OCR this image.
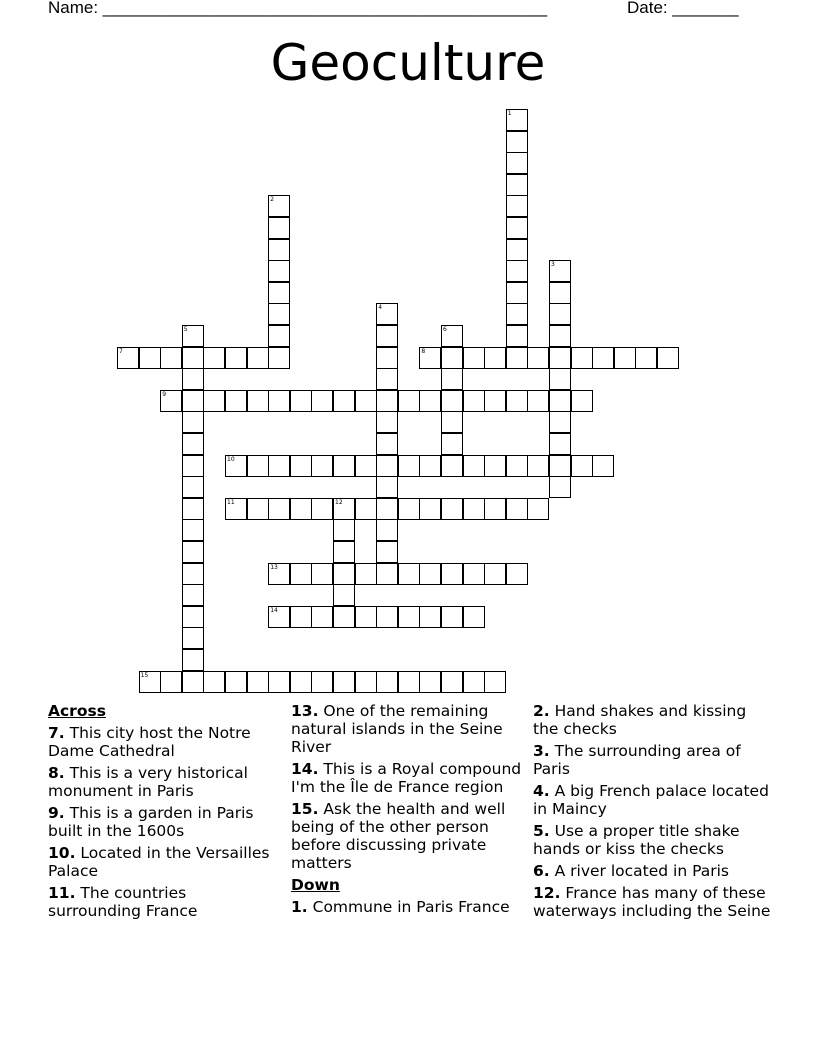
Name: _______________________________________________	Date: _______
Geoculture
1
2
3
4
5	6
7	8
9
10
11	12
13
14
15
Across
7. This city host the Notre Dame Cathedral
8. This is a very historical monument in Paris
9. This is a garden in Paris built in the 1600s
10. Located in the Versailles Palace
11. The countries surrounding France
13. One of the remaining natural islands in the Seine River
14. This is a Royal compound I'm the Île de France region
15. Ask the health and well being of the other person before discussing private matters
Down
1. Commune in Paris France
2. Hand shakes and kissing the checks
3. The surrounding area of Paris
4. A big French palace located in Maincy
5. Use a proper title shake hands or kiss the checks
6. A river located in Paris
12. France has many of these waterways including the Seine
